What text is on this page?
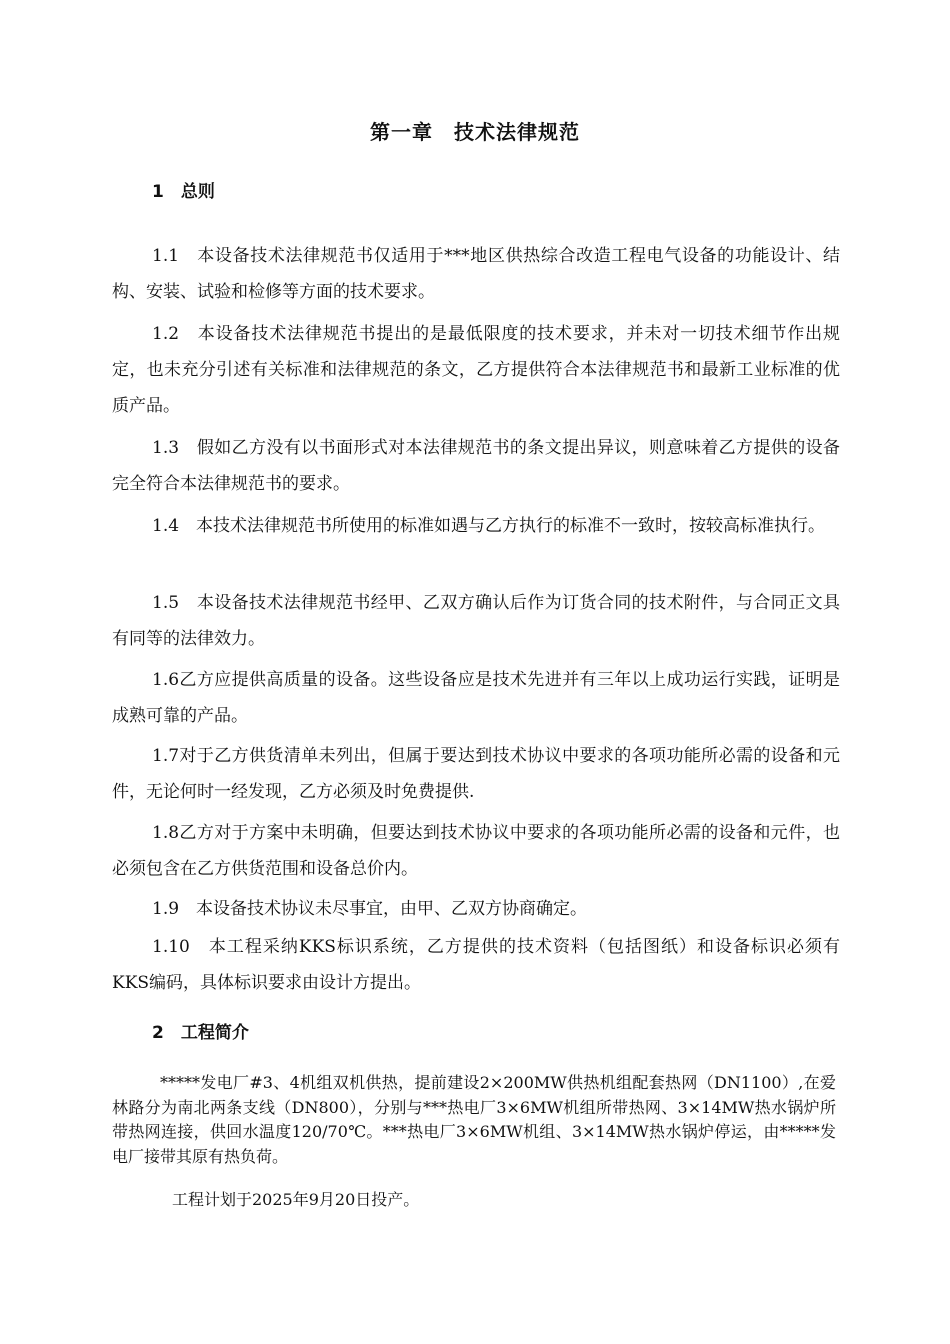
第一章　技术法律规范
1　总则

1.1　本设备技术法律规范书仅适用于***地区供热综合改造工程电气设备的功能设计、结构、安装、试验和检修等方面的技术要求。

1.2　本设备技术法律规范书提出的是最低限度的技术要求，并未对一切技术细节作出规定，也未充分引述有关标准和法律规范的条文，乙方提供符合本法律规范书和最新工业标准的优质产品。

1.3　假如乙方没有以书面形式对本法律规范书的条文提出异议，则意味着乙方提供的设备完全符合本法律规范书的要求。

1.4　本技术法律规范书所使用的标准如遇与乙方执行的标准不一致时，按较高标准执行。

1.5　本设备技术法律规范书经甲、乙双方确认后作为订货合同的技术附件，与合同正文具有同等的法律效力。

1.6乙方应提供高质量的设备。这些设备应是技术先进并有三年以上成功运行实践，证明是成熟可靠的产品。

1.7对于乙方供货清单未列出，但属于要达到技术协议中要求的各项功能所必需的设备和元件，无论何时一经发现，乙方必须及时免费提供.

1.8乙方对于方案中未明确，但要达到技术协议中要求的各项功能所必需的设备和元件，也必须包含在乙方供货范围和设备总价内。

1.9　本设备技术协议未尽事宜，由甲、乙双方协商确定。

1.10　本工程采纳KKS标识系统，乙方提供的技术资料（包括图纸）和设备标识必须有KKS编码，具体标识要求由设计方提出。

2　工程简介

*****发电厂#3、4机组双机供热，提前建设2×200MW供热机组配套热网（DN1100）,在爱林路分为南北两条支线（DN800），分别与***热电厂3×6MW机组所带热网、3×14MW热水锅炉所带热网连接，供回水温度120/70℃。***热电厂3×6MW机组、3×14MW热水锅炉停运，由*****发电厂接带其原有热负荷。

工程计划于2025年9月20日投产。
